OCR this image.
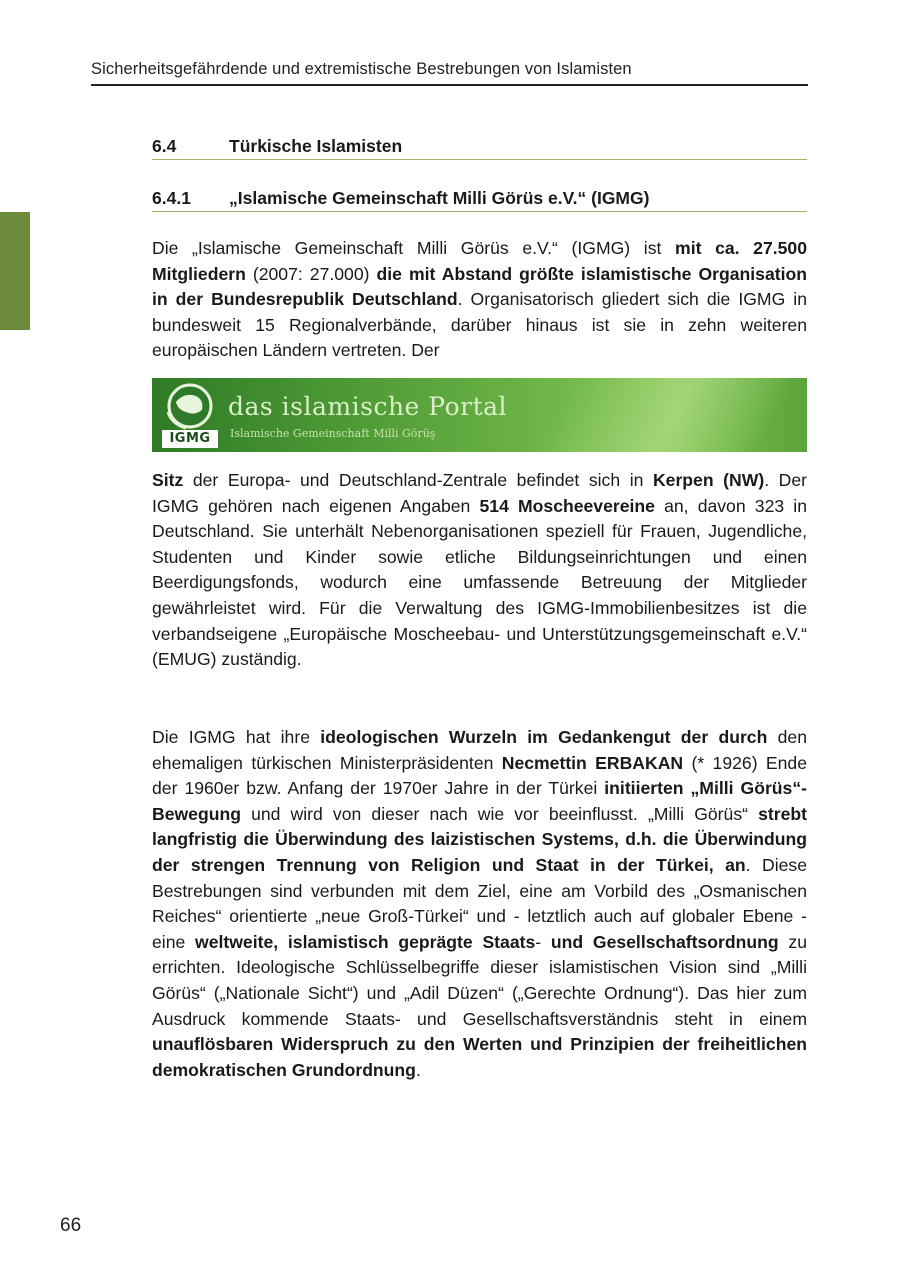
Sicherheitsgefährdende und extremistische Bestrebungen von Islamisten
6.4	Türkische Islamisten
6.4.1 „Islamische Gemeinschaft Milli Görüs e.V.“ (IGMG)
Die „Islamische Gemeinschaft Milli Görüs e.V.“ (IGMG) ist mit ca. 27.500 Mitgliedern (2007: 27.000) die mit Abstand größte islamistische Organisation in der Bundesrepublik Deutschland. Organisatorisch gliedert sich die IGMG in bundesweit 15 Regionalverbände, darüber hinaus ist sie in zehn weiteren europäischen Ländern vertreten. Der
IGMG
das islamische Portal
Islamische Gemeinschaft Milli Görüş
Sitz der Europa- und Deutschland-Zentrale befindet sich in Kerpen (NW). Der IGMG gehören nach eigenen Angaben 514 Moscheevereine an, davon 323 in Deutschland. Sie unterhält Nebenorganisationen speziell für Frauen, Jugendliche, Studenten und Kinder sowie etliche Bildungseinrichtungen und einen Beerdigungsfonds, wodurch eine umfassende Betreuung der Mitglieder gewährleistet wird. Für die Verwaltung des IGMG-Immobilienbesitzes ist die verbandseigene „Europäische Moscheebau- und Unterstützungsgemeinschaft e.V.“ (EMUG) zuständig.
Die IGMG hat ihre ideologischen Wurzeln im Gedankengut der durch den ehemaligen türkischen Ministerpräsidenten Necmettin ERBAKAN (* 1926) Ende der 1960er bzw. Anfang der 1970er Jahre in der Türkei initiierten „Milli Görüs“-Bewegung und wird von dieser nach wie vor beeinflusst. „Milli Görüs“ strebt langfristig die Überwindung des laizistischen Systems, d.h. die Überwindung der strengen Trennung von Religion und Staat in der Türkei, an. Diese Bestrebungen sind verbunden mit dem Ziel, eine am Vorbild des „Osmanischen Reiches“ orientierte „neue Groß-Türkei“ und - letztlich auch auf globaler Ebene - eine weltweite, islamistisch geprägte Staats- und Gesellschaftsordnung zu errichten. Ideologische Schlüsselbegriffe dieser islamistischen Vision sind „Milli Görüs“ („Nationale Sicht“) und „Adil Düzen“ („Gerechte Ordnung“). Das hier zum Ausdruck kommende Staats- und Gesellschaftsverständnis steht in einem unauflösbaren Widerspruch zu den Werten und Prinzipien der freiheitlichen demokratischen Grundordnung.
66
